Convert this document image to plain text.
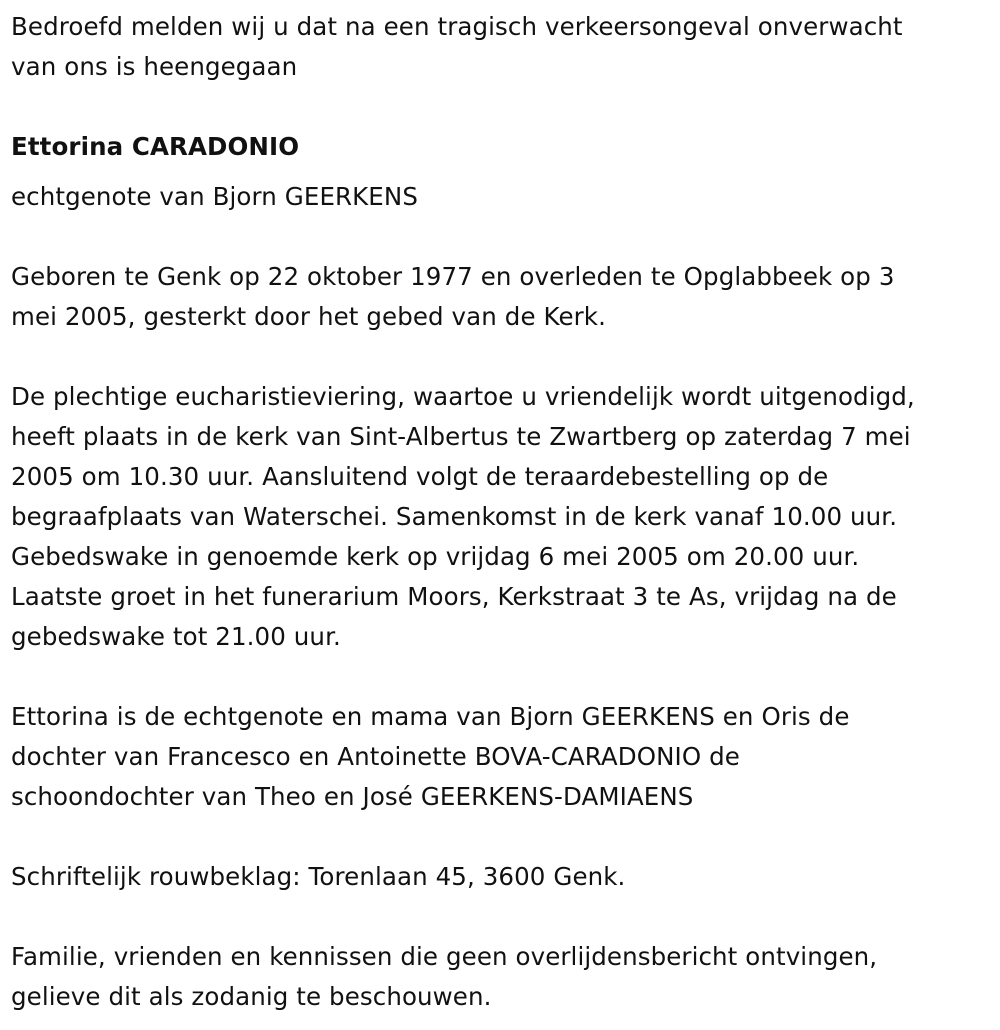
Bedroefd melden wij u dat na een tragisch verkeersongeval onverwacht
van ons is heengegaan

Ettorina CARADONIO
echtgenote van Bjorn GEERKENS

Geboren te Genk op 22 oktober 1977 en overleden te Opglabbeek op 3
mei 2005, gesterkt door het gebed van de Kerk.

De plechtige eucharistieviering, waartoe u vriendelijk wordt uitgenodigd,
heeft plaats in de kerk van Sint-Albertus te Zwartberg op zaterdag 7 mei
2005 om 10.30 uur. Aansluitend volgt de teraardebestelling op de
begraafplaats van Waterschei. Samenkomst in de kerk vanaf 10.00 uur.
Gebedswake in genoemde kerk op vrijdag 6 mei 2005 om 20.00 uur.
Laatste groet in het funerarium Moors, Kerkstraat 3 te As, vrijdag na de
gebedswake tot 21.00 uur.

Ettorina is de echtgenote en mama van Bjorn GEERKENS en Oris de
dochter van Francesco en Antoinette BOVA-CARADONIO de
schoondochter van Theo en José GEERKENS-DAMIAENS

Schriftelijk rouwbeklag: Torenlaan 45, 3600 Genk.

Familie, vrienden en kennissen die geen overlijdensbericht ontvingen,
gelieve dit als zodanig te beschouwen.
